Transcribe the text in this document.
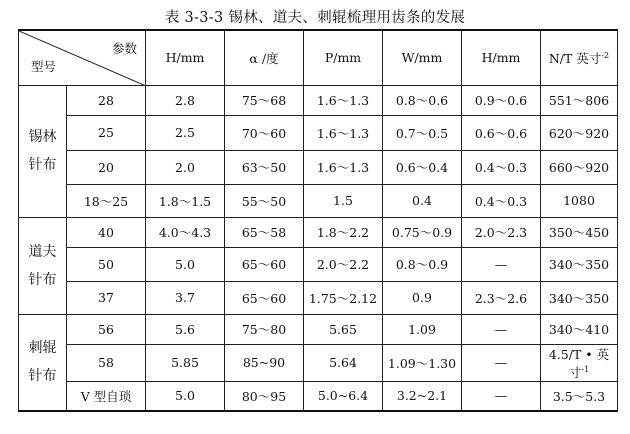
表 3-3-3 锡林、道夫、刺辊梳理用齿条的发展
参数
型号		H/mm	α /度	P/mm	W/mm	H/mm	N/T 英寸$^{-2}$
锡林
针布	28	2.8	75～68	1.6～1.3	0.8～0.6	0.9～0.6	551～806
	25	2.5	70～60	1.6～1.3	0.7～0.5	0.6～0.6	620～920
	20	2.0	63～50	1.6～1.3	0.6～0.4	0.4～0.3	660～920
	18～25	1.8～1.5	55～50	1.5	0.4	0.4～0.3	1080
道夫
针布	40	4.0～4.3	65～58	1.8～2.2	0.75～0.9	2.0～2.3	350～450
	50	5.0	65～60	2.0～2.2	0.8～0.9	—	340～350
	37	3.7	65～60	1.75～2.12	0.9	2.3～2.6	340～350
刺辊
针布	56	5.6	75～80	5.65	1.09	—	340～410
	58	5.85	85~90	5.64	1.09～1.30	—	4.5/T • 英寸$^{-1}$
	V 型自琐	5.0	80～95	5.0~6.4	3.2~2.1	—	3.5～5.3
